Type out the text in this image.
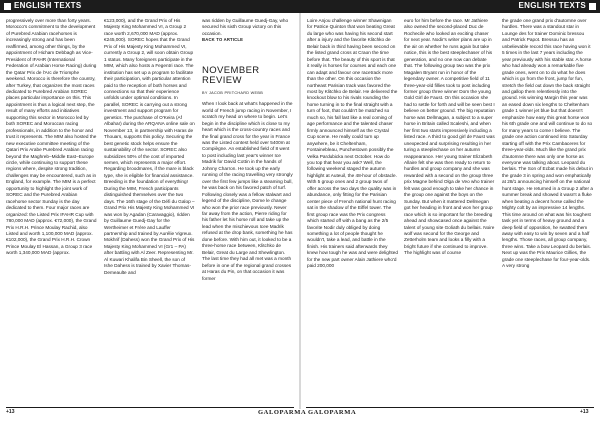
ENGLISH TEXTS	ENGLISH TEXTS

progressively over more than forty years. Morocco's commitment to the development of Purebred Arabian racehorses is increasingly strong and has been reaffirmed, among other things, by the appointment of Hicham Debbagh as Vice-President of IFAHR (International Federation of Arabian Horse Racing) during the Qatar Prix de l'Arc de Triomphe weekend. Morocco is therefore the country, after Turkey, that organizes the most races dedicated to Purebred Arabian SOREC places particular importance on this. This appointment is thus a logical next step, the result of many efforts and initiatives supporting this sector in Morocco led by both SOREC and Moroccan racing professionals, in addition to the honor and trust it represents. The MIM also hosted the new executive committee meeting of the Qatari Prix Arabe Purebred Arabian racing beyond the Maghreb–Middle East–Europe circle, while continuing to support these regions where, despite strong tradition, challenges may be encountered, such as in England, for example. The MIM is a perfect opportunity to highlight the joint work of SOREC and the Purebred Arabian racehorse sector Sunday is the day dedicated to them. Four major races are organized: the Listed Prix IFAHR Cup with 780,000 MAD (approx. €72,000), the Grand Prix H.R.H. Prince Moulay Rachid, also Listed and worth 1,100,000 MAD (approx. €102,000), the Grand Prix H.R.H. Crown Prince Moulay El Hassan, a Group 3 race worth 1,340,000 MAD (approx.

€123,000), and the Grand Prix of His Majesty King Mohammed VI, a Group 2 race worth 2,670,000 MAD (approx. €245,000). SOREC hopes that the Grand Prix of His Majesty King Mohammed VI, currently a Group 2, will soon obtain Group 1 status. Many foreigners participate in the MIM, which also hosts a Fegentri race. The institution has set up a program to facilitate their participation, with particular attention paid to the reception of both horses and connections so that their experience unfolds under optimal conditions. In parallel, SOREC is carrying out a strong investment and support program for genetics. The purchase of O'Keira (Af Albahar) during the ARQANA online sale on November 13, in partnership with Haras de Thouars, supports this policy. Securing the best genetic stock helps ensure the sustainability of the sector. SOREC also subsidizes 50% of the cost of imported semen, which represents a major effort. Regarding broodmares, if the mare is black type, she is eligible for financial assistance. Breeding is the foundation of everything! During the MIM, French participants distinguished themselves over the two days. The 16th stage of the Défi du Galop – Grand Prix His Majesty King Mohammed VI was won by Agadan (Caravaggio), ridden by Guillaume Guedj-Gay for the Wertheimer et Frère and Lauffer partnership and trained by Aurélie Vigreux. Mokhrif (Dahess) won the Grand Prix of His Majesty King Mohammed VI (Gr1 – PA) after battling with Al Zeer. Representing Mr. Al Kuwari Khalifa Bin Sheell, the son of Ishe Dahess is trained by Xavier Thomas-Demeaulte and

was ridden by Guillaume Guedj-Gay, who secured his sixth Group victory on this occasion.

BACK TO ARTICLE

NOVEMBER
REVIEW
BY JACOB PRITCHARD WEBB

When I look back at what's happened in the world of French jump racing in November, I scratch my head on where to begin. Let's begin in the discipline which is close to my heart which is the cross-country races and the final grand cross for the year in France was the Listed contest held over 5400m at Compiègne. An established field of 8 went to post including last year's winner Ice Madrik for David Cottin in the hands of Johnny Charron. He took up the early running of the racing travelling very strongly over the first few jumps like a steaming bull, he was back on his favored patch of turf. Following closely was a fellow stalwart and legend of the discipline, Dome le change who won the prior race previously. Never far away from the action, Pierre riding for his father let his horse roll and take up the lead when the mischievous Icee Madrik refused at the drop bank, something he has done before. With him out, it looked to be a three-horse race between, Klitchko de Belair, Great du Large and Shewlington. The last time they had all met was a month before in one of the regional grand crosses at Haras du Pin, on that occasion it was former

Loire Anjou challenge winner Shawnigan for Patrice Quinton that won beating Great du large who was having his second start after a injury and the favorite Klitchko de Belair back in third having been second on the listed grand cross at Craon the time before that. The beauty of this sport is that it really is horses for courses and each one can adapt and favour one racetrack more than the other. On this occasion the northeast Parisian track was favored the most by Klitchko de Belair. He delivered the knockout blow to his rivals rounding the home turning in to the final straight with a turn of foot, that couldn't be matched so much so, his fall last like a real coming of age performance and the talented chaser firmly announced himself as the Crystal Cup scene. He really could turn up anywhere, be it Cheltenham, Fontainebleau, Punchestown possibly the Velka Pardubicka next October. How do you top that hear you ask? Well, the following weekend staged the autumn highlight at Auteuil, the 48-hour of obstacle. With 5 group ones and 2 group twos of offer across the two days the quality was in abundance, only fitting for the Parisian center piece of French national hunt racing sat in the shadow of the Eiffel tower. The first group race was the Prix congress which started off with a bang as the 2/5 favorite Nodir duly obliged by doing something a lot of people thought he wouldn't, take a lead, and battle in the finish. His trainers said afterwards they knew how tough he was and were delighted for the new part owner Alain Jathiere who'd paid 200,000

euro for him before the race. Mr Jathiere also owned the second-placed Duc de Rochecile who looked an exciting chaser for next year. Nodir's writer plans are up in the air on whether he runs again but take notice, this is the best steeplechaser of his generation, and no one now can debate that. The following group two was the prix Magalen Bryant run in honor of the legendary owner. A competitive field of 11 three-year-old fillies took to post including former group three winner Dom the young Gold Girl de Faust. On this occasion she had to settle for forth and will be seen best I believe on better ground. The big reputation horse was Dellmagan, a subject to a super horse in Britain called Scaleshi, and when her first two starts impressively including a listed race. A third to good girl de Faust was unexpected and surprising resulting in her turing a steeplechase on her autumn reappearance. Her young trainer Elizabeth Allaire felt she was then ready to return to hurdles and group company and she was rewarded with a second on the group three prix Magne behind Olga de Veo who trainer felt was good enough to take her chance in the group one against the boys on the Sunday. But when it mattered Dellmegan got her heading in front and won her group race which is so important for the breeding ahead and showcased once against the talent of young site Goliath du bellais. Noire wolf was second for the George and Zetterholm team and looks a filly with a bright future if she continued to improve. The highlight was of course

the grade one grand prix d'automne over hurdles. There was a standout star in Lounge des for trainer Dominic bressou and Patrick Papot. Bressou has an unbelievable record this race having won it 5 times in the last 7 years including the year previously with his stable star. A horse who had already won a remarkable five grade ones, went on to do what he does which is go from the front, jump for fun, stretch the field out down the back straight and gallop them relentlessly into the ground. His winning Margin this year was an eased down six lengths to Cheltenham grade 1 winner jet blue but that doesn't emphasize how easy this great horse won his 6th grade one and will continue to do so for many years to come I believe. The grade one action continued into Saturday starting off with the Prix Cambaceres for three-year-olds. Much like the grand prix d'automne there was only one horse as everyone was talking about. Leopard du berlais. The Son of Ecbat made his debut in the grade 3 in spring and won emphatically at 28/1 announcing himself on the national hunt stage. He returned in a Group 2 after a summer break and showed it wasn't a fluke when beating a decent horse called the Mighty colt by an impressive 14 lengths. This time around on what was his toughest task yet in terms of heavy ground and a deep field of opposition, he swatted them away with easy to win by seven and a half lengths. Those races, all group company, three wins. Take a bow Leopard du berlais. Next up was the Prix Maurice Gillies, the grade one steeplechase for four-year-olds. A very strong

+13	GALOPARMA GALOPARMA	+13
